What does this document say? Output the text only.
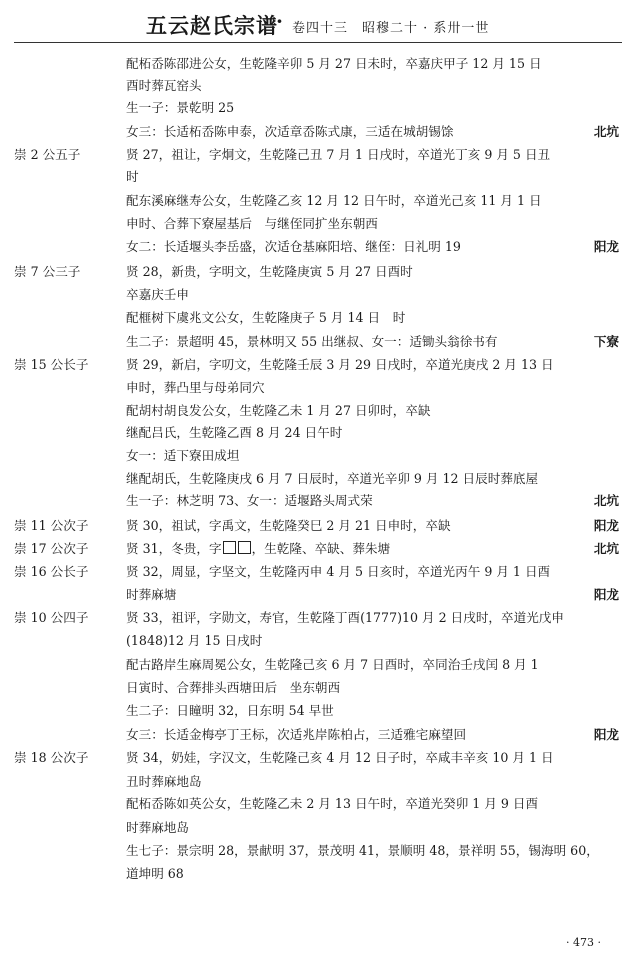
五云赵氏宗谱
· 卷四十三　昭穆二十 · 系卅一世
配柘岙陈邵进公女，生乾隆辛卯 5 月 27 日未时，卒嘉庆甲子 12 月 15 日
酉时葬瓦窑头
生一子：景乾明 25
女三：长适柘岙陈申泰，次适章岙陈式康，三适在城胡锡馀	北坑
崇 2 公五子	贤 27，祖让，字炯文，生乾隆己丑 7 月 1 日戌时，卒道光丁亥 9 月 5 日丑
时
配东溪麻继寿公女，生乾隆乙亥 12 月 12 日午时，卒道光己亥 11 月 1 日
申时、合葬下寮屋基后　与继侄同扩坐东朝西
女二：长适堰头李岳盛，次适仓基麻阳培、继侄：日礼明 19	阳龙
崇 7 公三子	贤 28，新贵，字明文，生乾隆庚寅 5 月 27 日酉时
卒嘉庆壬申
配榧树下虞兆文公女，生乾隆庚子 5 月 14 日　时
生二子：景超明 45，景林明又 55 出继叔、女一：适锄头翁徐书有	下寮
崇 15 公长子	贤 29，新启，字叨文，生乾隆壬辰 3 月 29 日戌时，卒道光庚戌 2 月 13 日
申时，葬凸里与母弟同穴
配胡村胡良发公女，生乾隆乙未 1 月 27 日卯时，卒缺
继配吕氏，生乾隆乙酉 8 月 24 日午时
女一：适下寮田成坦
继配胡氏，生乾隆庚戌 6 月 7 日辰时，卒道光辛卯 9 月 12 日辰时葬底屋
生一子：林芝明 73、女一：适堰路头周式荣	北坑
崇 11 公次子	贤 30，祖试，字禹文，生乾隆癸巳 2 月 21 日申时，卒缺	阳龙
崇 17 公次子	贤 31，冬贵，字 ，生乾隆、卒缺、葬朱塘	北坑
崇 16 公长子	贤 32，周显，字坚文，生乾隆丙申 4 月 5 日亥时，卒道光丙午 9 月 1 日酉
时葬麻塘	阳龙
崇 10 公四子	贤 33，祖评，字勋文，寿官，生乾隆丁酉(1777)10 月 2 日戌时，卒道光戊申
(1848)12 月 15 日戌时
配古路岸生麻周冕公女，生乾隆己亥 6 月 7 日酉时，卒同治壬戌闰 8 月 1
日寅时、合葬排头西塘田后　坐东朝西
生二子：日瞳明 32，日东明 54 早世
女三：长适金梅亭丁王标，次适兆岸陈柏占，三适雅宅麻望回	阳龙
崇 18 公次子	贤 34，奶娃，字汉文，生乾隆己亥 4 月 12 日子时，卒咸丰辛亥 10 月 1 日
丑时葬麻地岛
配柘岙陈如英公女，生乾隆乙未 2 月 13 日午时，卒道光癸卯 1 月 9 日酉
时葬麻地岛
生七子：景宗明 28，景献明 37，景茂明 41，景顺明 48，景祥明 55，锡海明 60，
道坤明 68
· 473 ·
